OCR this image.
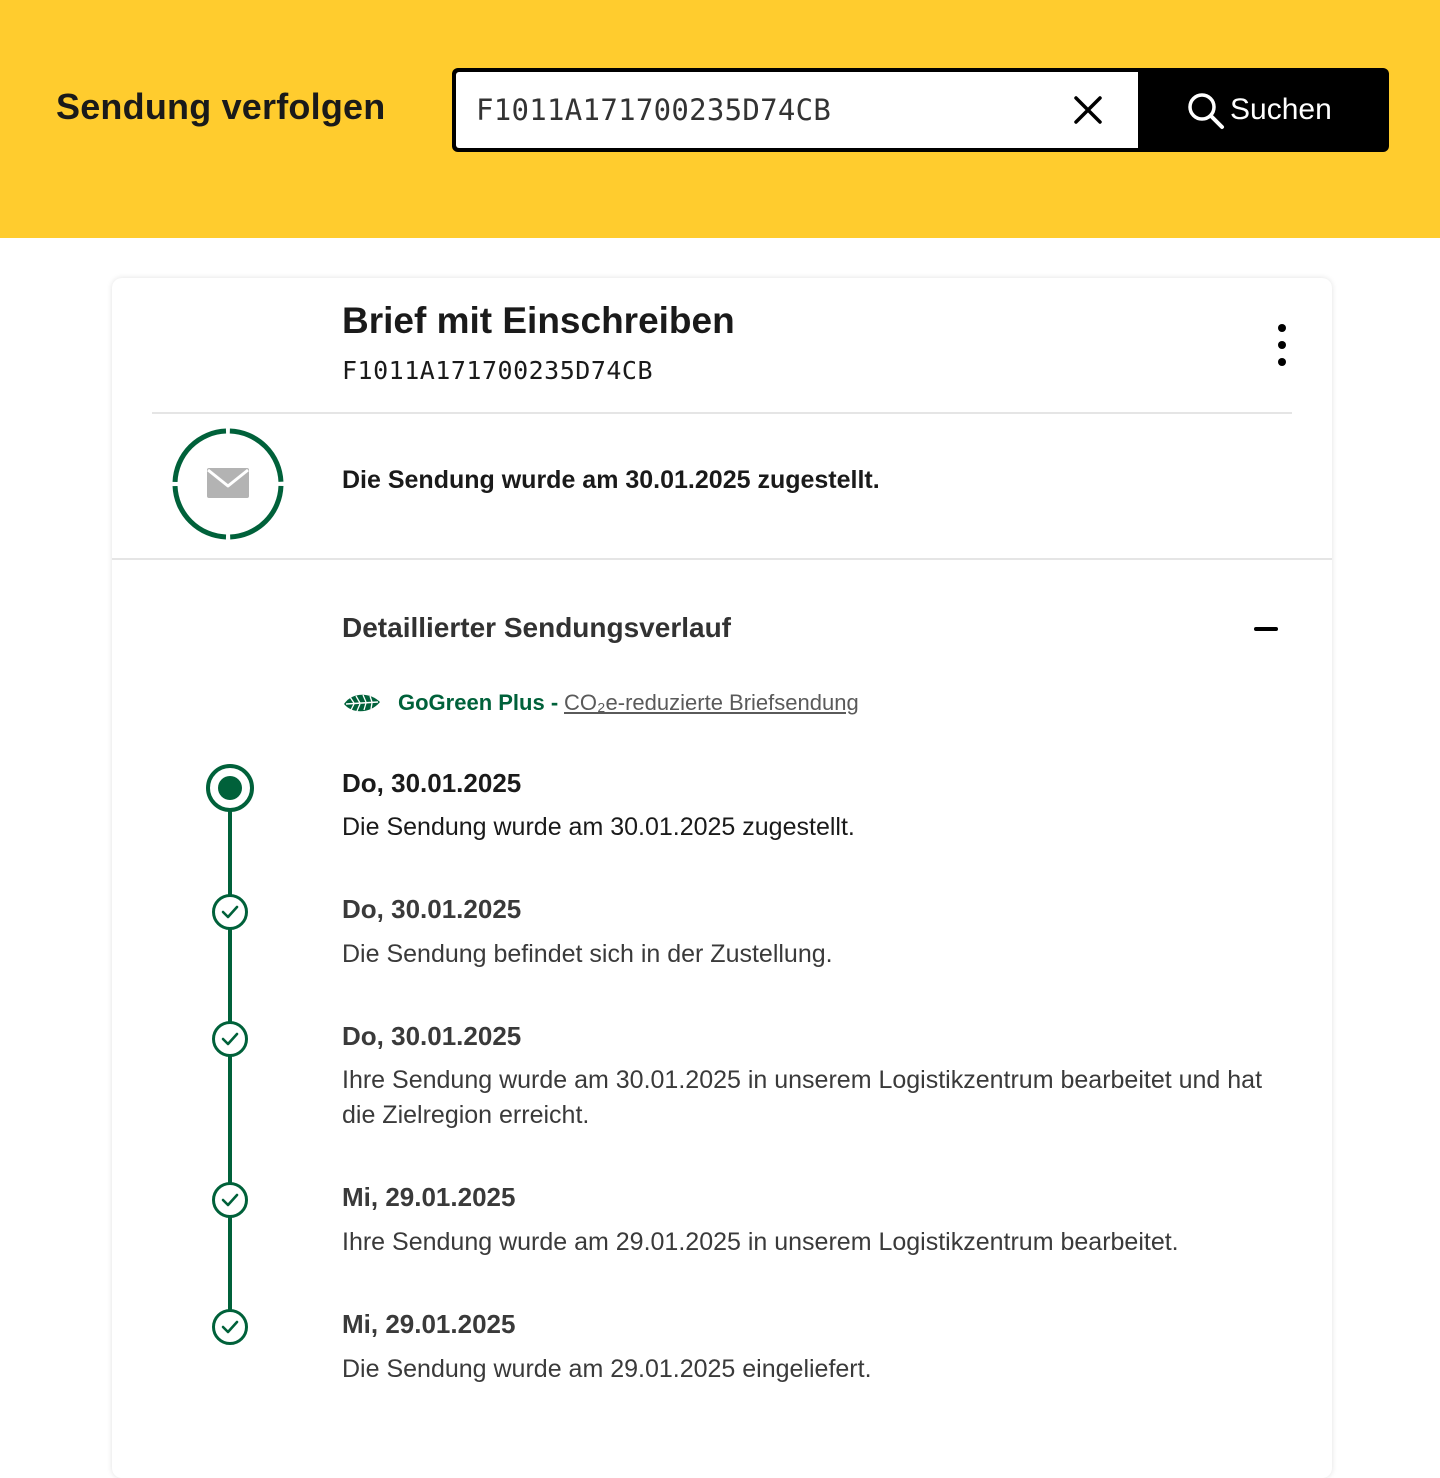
Sendung verfolgen
F1011A171700235D74CB	Suchen
Brief mit Einschreiben
F1011A171700235D74CB
Die Sendung wurde am 30.01.2025 zugestellt.
Detaillierter Sendungsverlauf
GoGreen Plus - CO₂e-reduzierte Briefsendung
Do, 30.01.2025
Die Sendung wurde am 30.01.2025 zugestellt.
Do, 30.01.2025
Die Sendung befindet sich in der Zustellung.
Do, 30.01.2025
Ihre Sendung wurde am 30.01.2025 in unserem Logistikzentrum bearbeitet und hat die Zielregion erreicht.
Mi, 29.01.2025
Ihre Sendung wurde am 29.01.2025 in unserem Logistikzentrum bearbeitet.
Mi, 29.01.2025
Die Sendung wurde am 29.01.2025 eingeliefert.
